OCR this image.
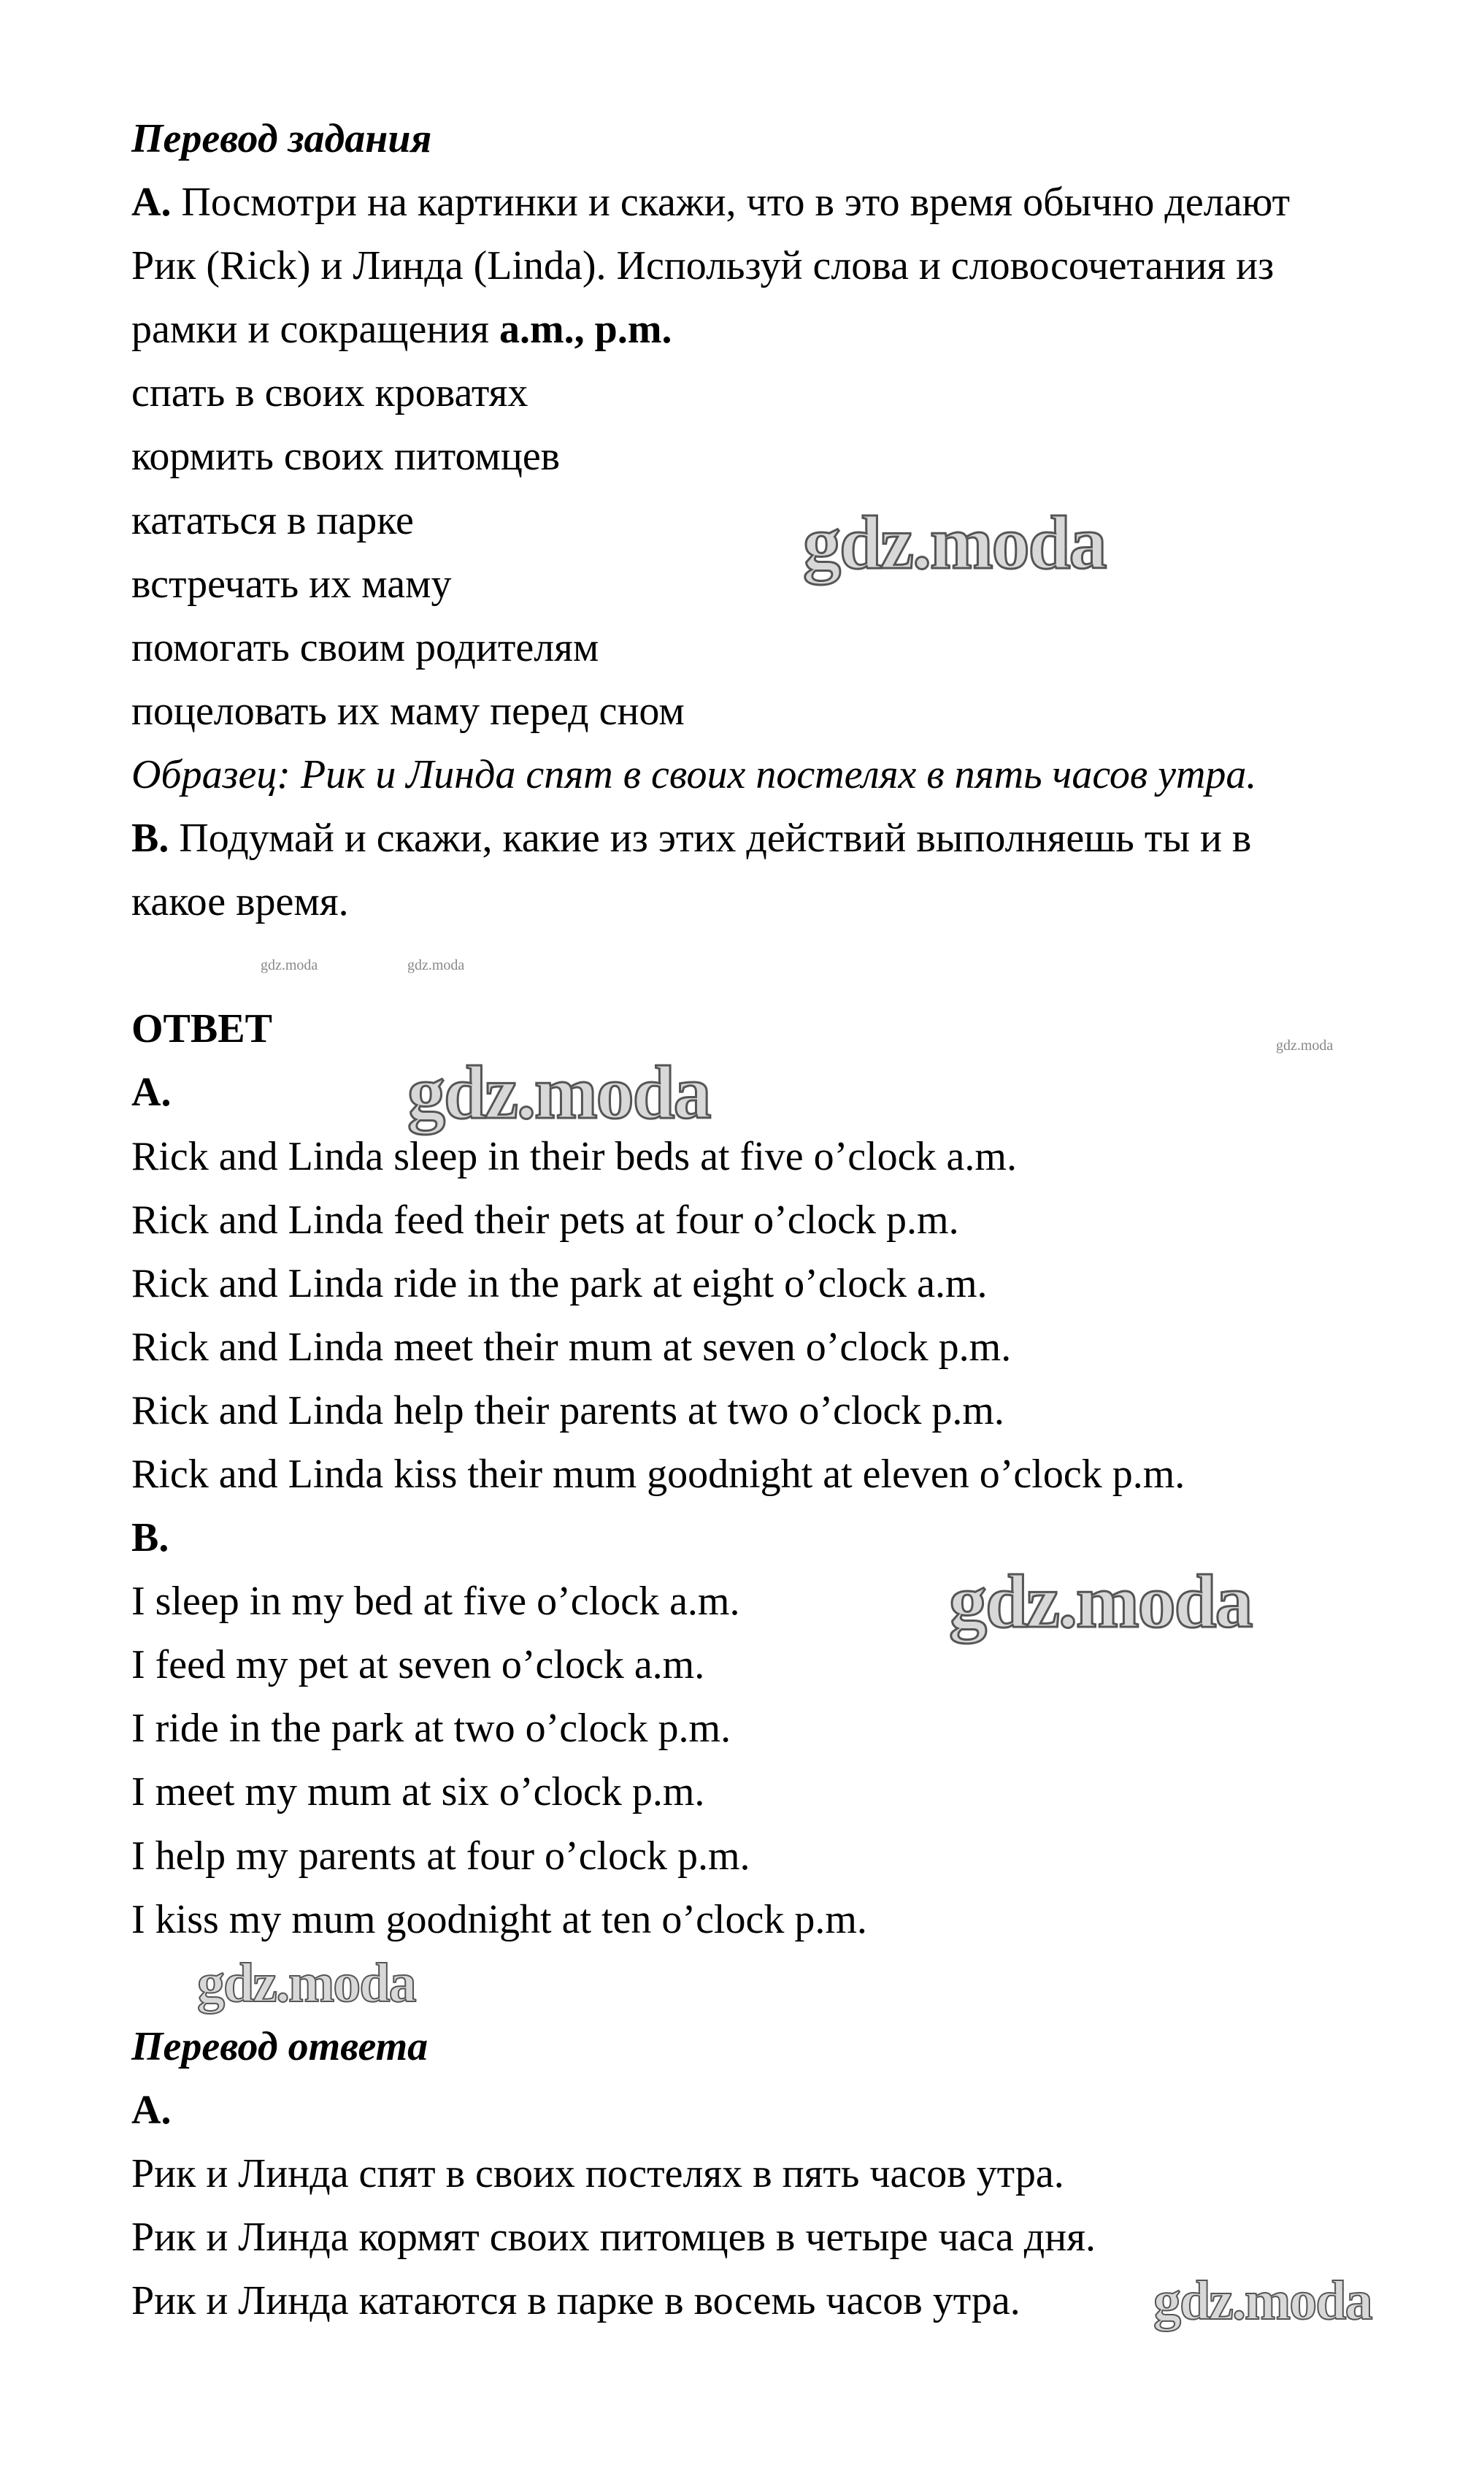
Перевод задания
A. Посмотри на картинки и скажи, что в это время обычно делают
Рик (Rick) и Линда (Linda). Используй слова и словосочетания из
рамки и сокращения a.m., p.m.
спать в своих кроватях
кормить своих питомцев
кататься в парке
встречать их маму
помогать своим родителям
поцеловать их маму перед сном
Образец: Рик и Линда спят в своих постелях в пять часов утра.
B. Подумай и скажи, какие из этих действий выполняешь ты и в
какое время.
ОТВЕТ
A.
Rick and Linda sleep in their beds at five o’clock a.m.
Rick and Linda feed their pets at four o’clock p.m.
Rick and Linda ride in the park at eight o’clock a.m.
Rick and Linda meet their mum at seven o’clock p.m.
Rick and Linda help their parents at two o’clock p.m.
Rick and Linda kiss their mum goodnight at eleven o’clock p.m.
B.
I sleep in my bed at five o’clock a.m.
I feed my pet at seven o’clock a.m.
I ride in the park at two o’clock p.m.
I meet my mum at six o’clock p.m.
I help my parents at four o’clock p.m.
I kiss my mum goodnight at ten o’clock p.m.
Перевод ответа
A.
Рик и Линда спят в своих постелях в пять часов утра.
Рик и Линда кормят своих питомцев в четыре часа дня.
Рик и Линда катаются в парке в восемь часов утра.
gdz.moda
gdz.moda
gdz.moda
gdz.moda
gdz.moda
gdz.moda
gdz.moda	gdz.moda
